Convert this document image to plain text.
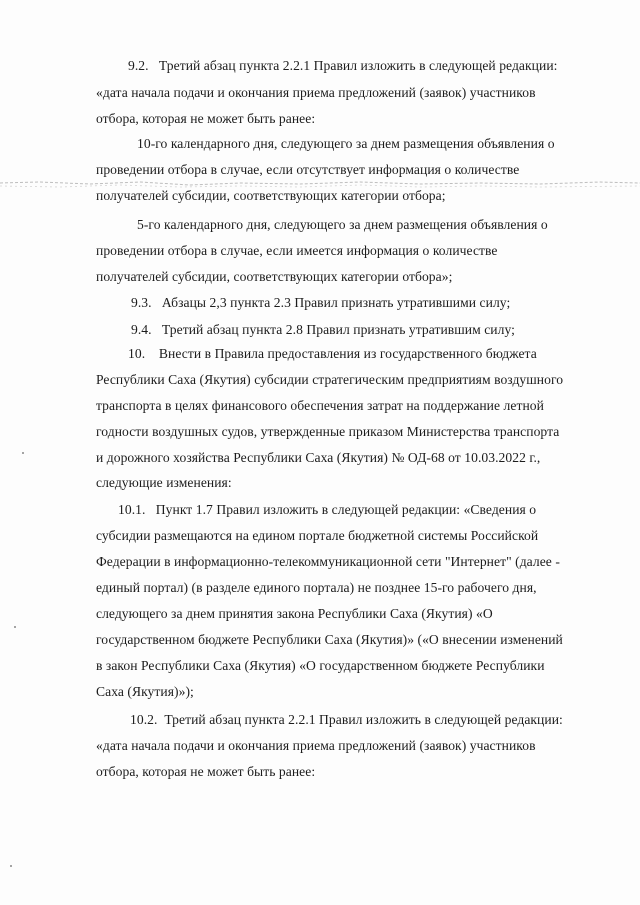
9.2.   Третий абзац пункта 2.2.1 Правил изложить в следующей редакции:
«дата начала подачи и окончания приема предложений (заявок) участников
отбора, которая не может быть ранее:
10-го календарного дня, следующего за днем размещения объявления о
проведении отбора в случае, если отсутствует информация о количестве
получателей субсидии, соответствующих категории отбора;
5-го календарного дня, следующего за днем размещения объявления о
проведении отбора в случае, если имеется информация о количестве
получателей субсидии, соответствующих категории отбора»;
9.3.   Абзацы 2,3 пункта 2.3 Правил признать утратившими силу;
9.4.   Третий абзац пункта 2.8 Правил признать утратившим силу;
10.    Внести в Правила предоставления из государственного бюджета
Республики Саха (Якутия) субсидии стратегическим предприятиям воздушного
транспорта в целях финансового обеспечения затрат на поддержание летной
годности воздушных судов, утвержденные приказом Министерства транспорта
и дорожного хозяйства Республики Саха (Якутия) № ОД-68 от 10.03.2022 г.,
следующие изменения:
10.1.   Пункт 1.7 Правил изложить в следующей редакции: «Сведения о
субсидии размещаются на едином портале бюджетной системы Российской
Федерации в информационно-телекоммуникационной сети "Интернет" (далее -
единый портал) (в разделе единого портала) не позднее 15-го рабочего дня,
следующего за днем принятия закона Республики Саха (Якутия) «О
государственном бюджете Республики Саха (Якутия)» («О внесении изменений
в закон Республики Саха (Якутия) «О государственном бюджете Республики
Саха (Якутия)»);
10.2.  Третий абзац пункта 2.2.1 Правил изложить в следующей редакции:
«дата начала подачи и окончания приема предложений (заявок) участников
отбора, которая не может быть ранее:
